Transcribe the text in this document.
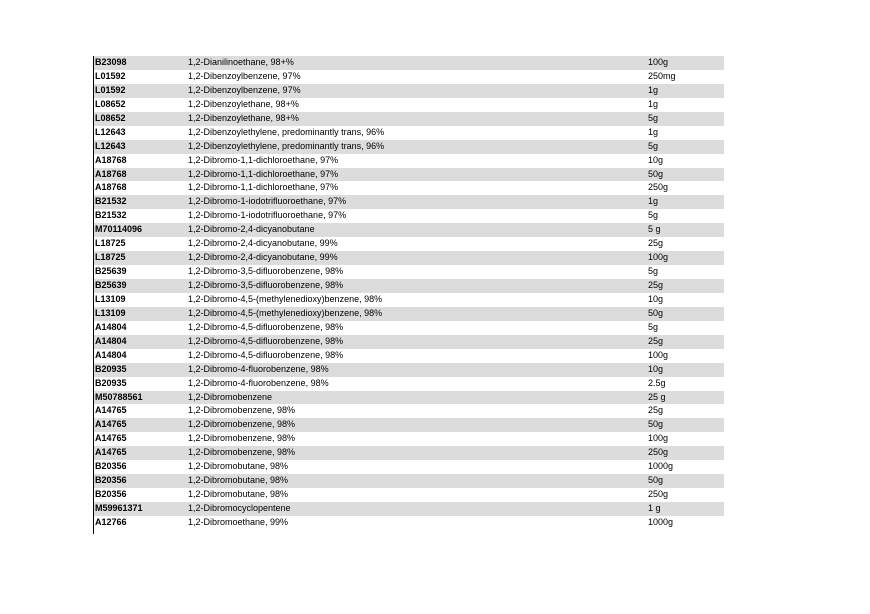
B23098	1,2-Dianilinoethane, 98+%	100g
L01592	1,2-Dibenzoylbenzene, 97%	250mg
L01592	1,2-Dibenzoylbenzene, 97%	1g
L08652	1,2-Dibenzoylethane, 98+%	1g
L08652	1,2-Dibenzoylethane, 98+%	5g
L12643	1,2-Dibenzoylethylene, predominantly trans, 96%	1g
L12643	1,2-Dibenzoylethylene, predominantly trans, 96%	5g
A18768	1,2-Dibromo-1,1-dichloroethane, 97%	10g
A18768	1,2-Dibromo-1,1-dichloroethane, 97%	50g
A18768	1,2-Dibromo-1,1-dichloroethane, 97%	250g
B21532	1,2-Dibromo-1-iodotrifluoroethane, 97%	1g
B21532	1,2-Dibromo-1-iodotrifluoroethane, 97%	5g
M70114096	1,2-Dibromo-2,4-dicyanobutane	5 g
L18725	1,2-Dibromo-2,4-dicyanobutane, 99%	25g
L18725	1,2-Dibromo-2,4-dicyanobutane, 99%	100g
B25639	1,2-Dibromo-3,5-difluorobenzene, 98%	5g
B25639	1,2-Dibromo-3,5-difluorobenzene, 98%	25g
L13109	1,2-Dibromo-4,5-(methylenedioxy)benzene, 98%	10g
L13109	1,2-Dibromo-4,5-(methylenedioxy)benzene, 98%	50g
A14804	1,2-Dibromo-4,5-difluorobenzene, 98%	5g
A14804	1,2-Dibromo-4,5-difluorobenzene, 98%	25g
A14804	1,2-Dibromo-4,5-difluorobenzene, 98%	100g
B20935	1,2-Dibromo-4-fluorobenzene, 98%	10g
B20935	1,2-Dibromo-4-fluorobenzene, 98%	2.5g
M50788561	1,2-Dibromobenzene	25 g
A14765	1,2-Dibromobenzene, 98%	25g
A14765	1,2-Dibromobenzene, 98%	50g
A14765	1,2-Dibromobenzene, 98%	100g
A14765	1,2-Dibromobenzene, 98%	250g
B20356	1,2-Dibromobutane, 98%	1000g
B20356	1,2-Dibromobutane, 98%	50g
B20356	1,2-Dibromobutane, 98%	250g
M59961371	1,2-Dibromocyclopentene	1 g
A12766	1,2-Dibromoethane, 99%	1000g
